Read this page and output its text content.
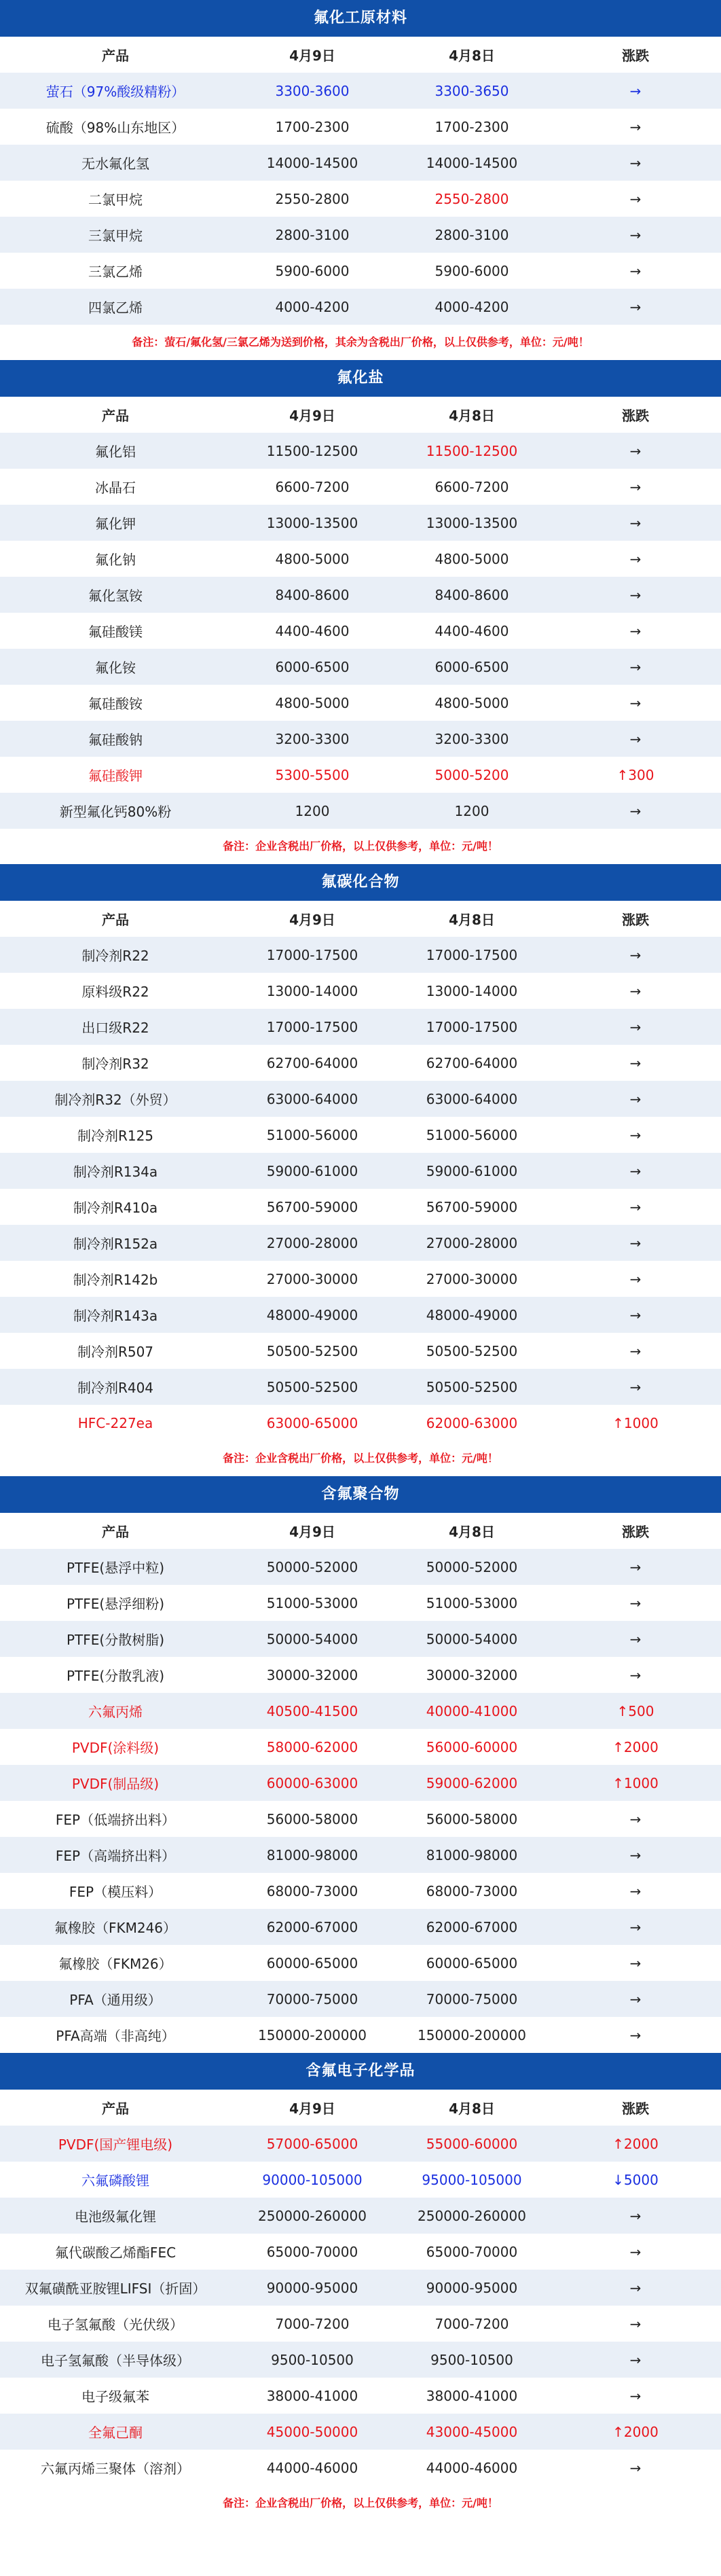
氟化工原材料
产品	4月9日	4月8日	涨跌
萤石（97%酸级精粉）	3300-3600	3300-3650	→
硫酸（98%山东地区）	1700-2300	1700-2300	→
无水氟化氢	14000-14500	14000-14500	→
二氯甲烷	2550-2800	2550-2800	→
三氯甲烷	2800-3100	2800-3100	→
三氯乙烯	5900-6000	5900-6000	→
四氯乙烯	4000-4200	4000-4200	→
备注：萤石/氟化氢/三氯乙烯为送到价格，其余为含税出厂价格，以上仅供参考，单位：元/吨！
氟化盐
产品	4月9日	4月8日	涨跌
氟化铝	11500-12500	11500-12500	→
冰晶石	6600-7200	6600-7200	→
氟化钾	13000-13500	13000-13500	→
氟化钠	4800-5000	4800-5000	→
氟化氢铵	8400-8600	8400-8600	→
氟硅酸镁	4400-4600	4400-4600	→
氟化铵	6000-6500	6000-6500	→
氟硅酸铵	4800-5000	4800-5000	→
氟硅酸钠	3200-3300	3200-3300	→
氟硅酸钾	5300-5500	5000-5200	↑300
新型氟化钙80%粉	1200	1200	→
备注：企业含税出厂价格，以上仅供参考，单位：元/吨！
氟碳化合物
产品	4月9日	4月8日	涨跌
制冷剂R22	17000-17500	17000-17500	→
原料级R22	13000-14000	13000-14000	→
出口级R22	17000-17500	17000-17500	→
制冷剂R32	62700-64000	62700-64000	→
制冷剂R32（外贸）	63000-64000	63000-64000	→
制冷剂R125	51000-56000	51000-56000	→
制冷剂R134a	59000-61000	59000-61000	→
制冷剂R410a	56700-59000	56700-59000	→
制冷剂R152a	27000-28000	27000-28000	→
制冷剂R142b	27000-30000	27000-30000	→
制冷剂R143a	48000-49000	48000-49000	→
制冷剂R507	50500-52500	50500-52500	→
制冷剂R404	50500-52500	50500-52500	→
HFC-227ea	63000-65000	62000-63000	↑1000
备注：企业含税出厂价格，以上仅供参考，单位：元/吨！
含氟聚合物
产品	4月9日	4月8日	涨跌
PTFE(悬浮中粒)	50000-52000	50000-52000	→
PTFE(悬浮细粉)	51000-53000	51000-53000	→
PTFE(分散树脂)	50000-54000	50000-54000	→
PTFE(分散乳液)	30000-32000	30000-32000	→
六氟丙烯	40500-41500	40000-41000	↑500
PVDF(涂料级)	58000-62000	56000-60000	↑2000
PVDF(制品级)	60000-63000	59000-62000	↑1000
FEP（低端挤出料）	56000-58000	56000-58000	→
FEP（高端挤出料）	81000-98000	81000-98000	→
FEP（模压料）	68000-73000	68000-73000	→
氟橡胶（FKM246）	62000-67000	62000-67000	→
氟橡胶（FKM26）	60000-65000	60000-65000	→
PFA（通用级）	70000-75000	70000-75000	→
PFA高端（非高纯）	150000-200000	150000-200000	→
含氟电子化学品
产品	4月9日	4月8日	涨跌
PVDF(国产锂电级)	57000-65000	55000-60000	↑2000
六氟磷酸锂	90000-105000	95000-105000	↓5000
电池级氟化锂	250000-260000	250000-260000	→
氟代碳酸乙烯酯FEC	65000-70000	65000-70000	→
双氟磺酰亚胺锂LIFSI（折固）	90000-95000	90000-95000	→
电子氢氟酸（光伏级）	7000-7200	7000-7200	→
电子氢氟酸（半导体级）	9500-10500	9500-10500	→
电子级氟苯	38000-41000	38000-41000	→
全氟己酮	45000-50000	43000-45000	↑2000
六氟丙烯三聚体（溶剂）	44000-46000	44000-46000	→
备注：企业含税出厂价格，以上仅供参考，单位：元/吨！
